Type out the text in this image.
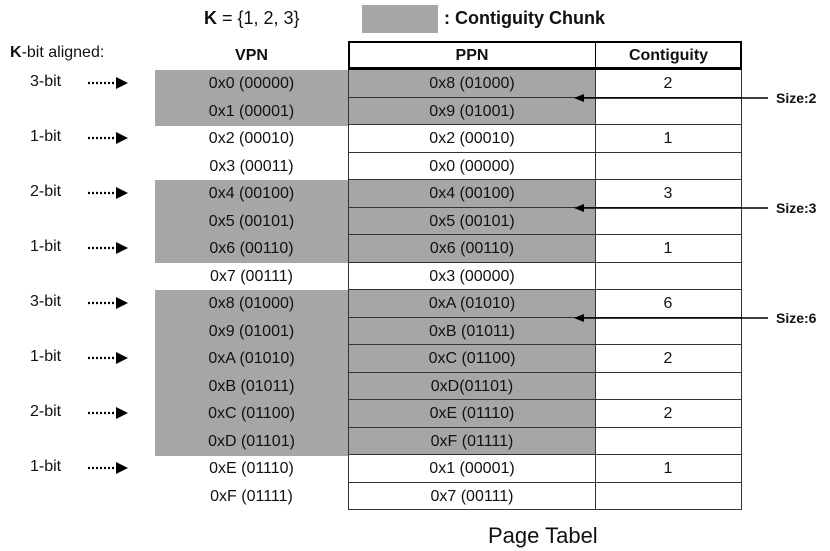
K = {1, 2, 3}	: Contiguity Chunk
K-bit aligned:	VPN	PPN	Contiguity
0x0 (00000)	0x8 (01000)	2
3-bit
0x1 (00001)	0x9 (01001)
0x2 (00010)	0x2 (00010)	1
1-bit
0x3 (00011)	0x0 (00000)
0x4 (00100)	0x4 (00100)	3
2-bit
0x5 (00101)	0x5 (00101)
0x6 (00110)	0x6 (00110)	1
1-bit
0x7 (00111)	0x3 (00000)
0x8 (01000)	0xA (01010)	6
3-bit
0x9 (01001)	0xB (01011)
0xA (01010)	0xC (01100)	2
1-bit
0xB (01011)	0xD(01101)
0xC (01100)	0xE (01110)	2
2-bit
0xD (01101)	0xF (01111)
0xE (01110)	0x1 (00001)	1
1-bit
0xF (01111)	0x7 (00111)
Size:2
Size:3
Size:6
Page Tabel
